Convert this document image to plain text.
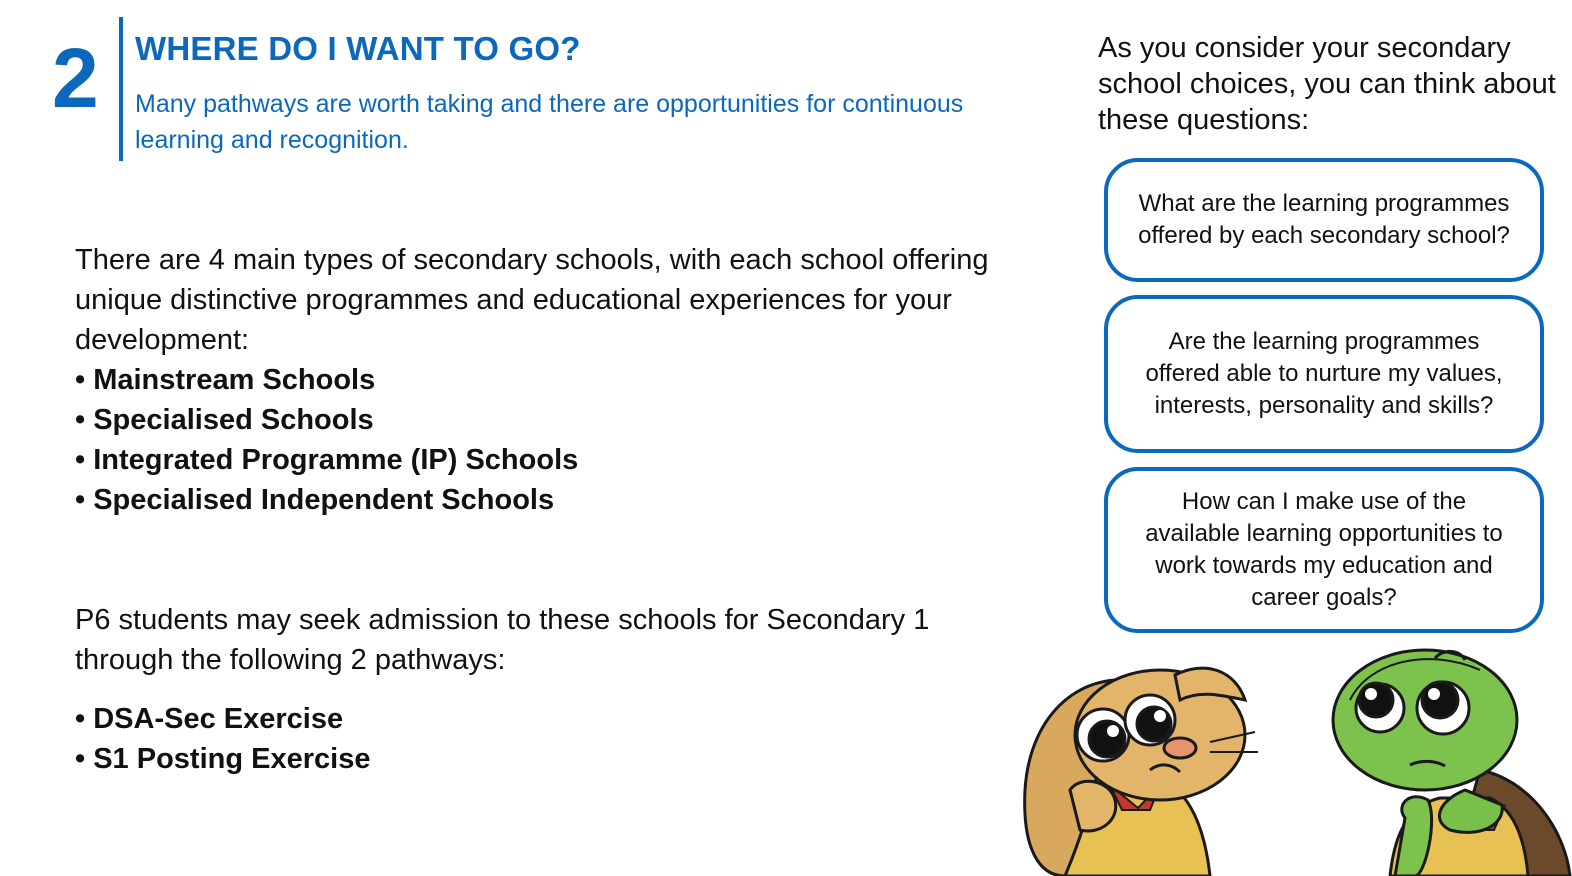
2 WHERE DO I WANT TO GO?
Many pathways are worth taking and there are opportunities for continuous learning and recognition.
There are 4 main types of secondary schools, with each school offering unique distinctive programmes and educational experiences for your development:
• Mainstream Schools
• Specialised Schools
• Integrated Programme (IP) Schools
• Specialised Independent Schools
P6 students may seek admission to these schools for Secondary 1 through the following 2 pathways:
• DSA-Sec Exercise
• S1 Posting Exercise
As you consider your secondary school choices, you can think about these questions:
What are the learning programmes offered by each secondary school?
Are the learning programmes offered able to nurture my values, interests, personality and skills?
How can I make use of the available learning opportunities to work towards my education and career goals?
